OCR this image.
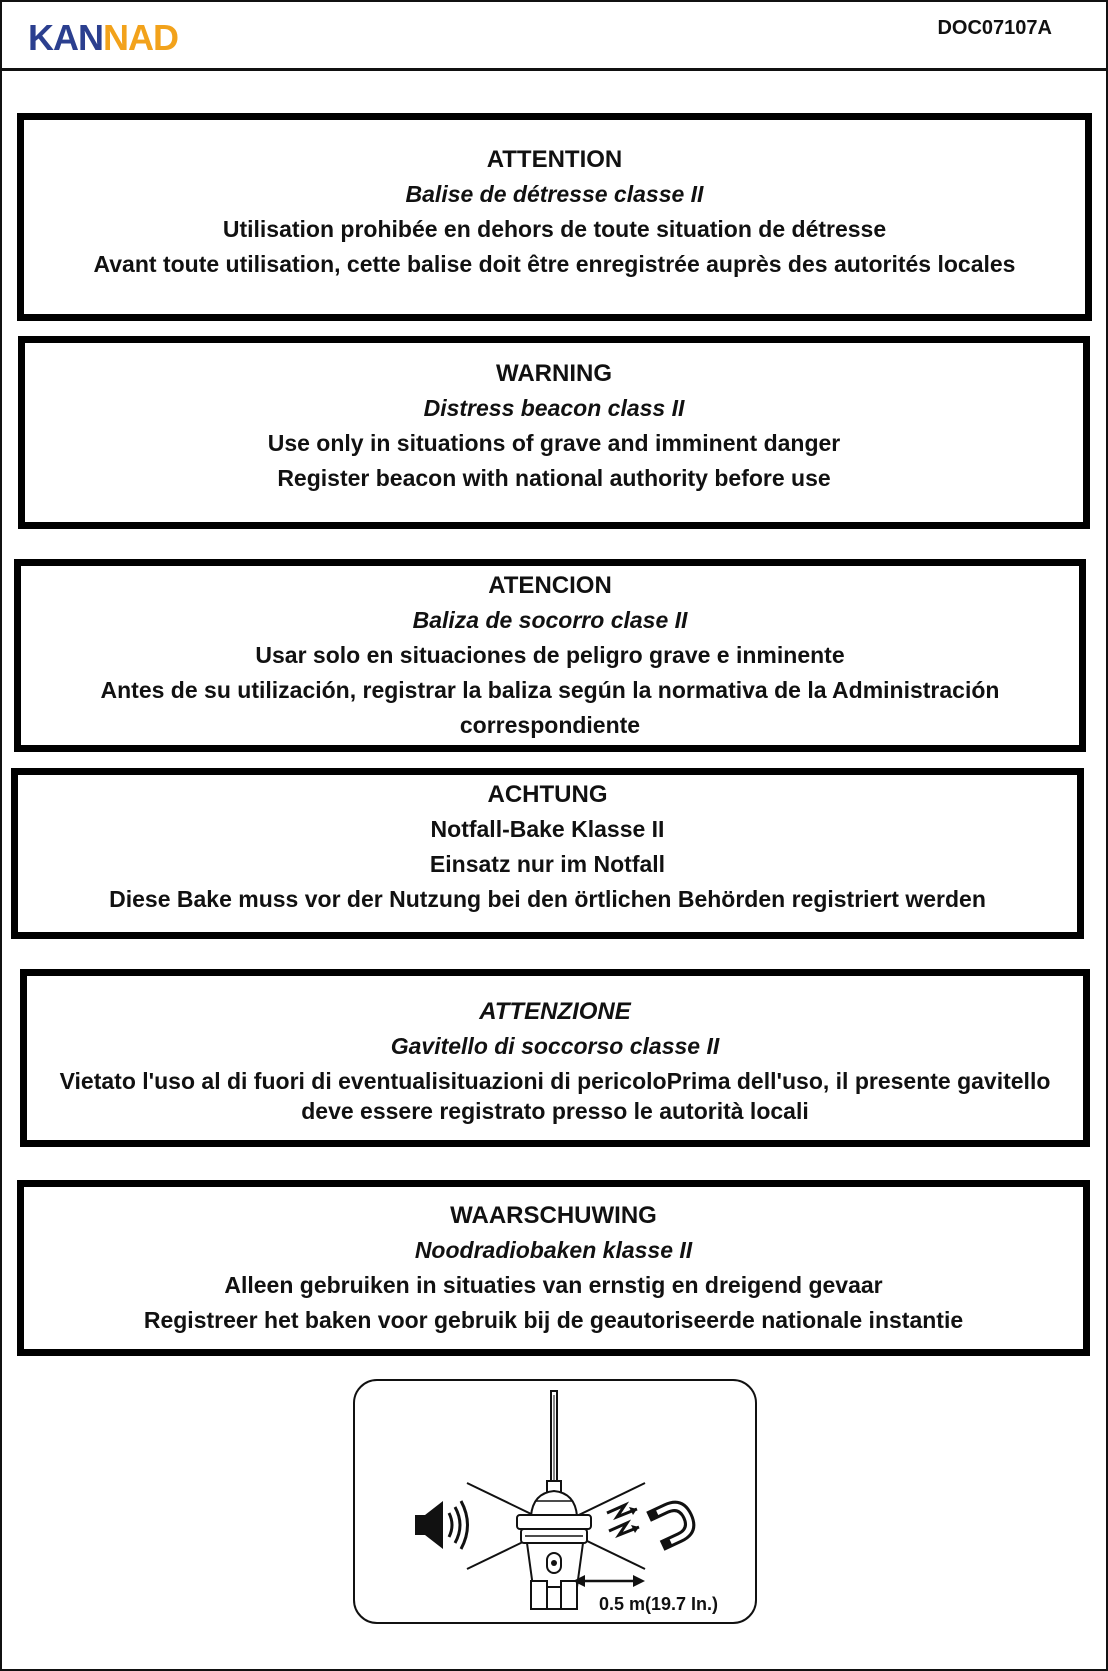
KANNAD	DOC07107A

ATTENTION

Balise de détresse classe II

Utilisation prohibée en dehors de toute situation de détresse

Avant toute utilisation, cette balise doit être enregistrée auprès des autorités locales

WARNING

Distress beacon class II

Use only in situations of grave and imminent danger

Register beacon with national authority before use

ATENCION

Baliza de socorro clase II

Usar solo en situaciones de peligro grave e inminente

Antes de su utilización, registrar la baliza según la normativa de la Administración correspondiente

ACHTUNG

Notfall-Bake Klasse II

Einsatz nur im Notfall

Diese Bake muss vor der Nutzung bei den örtlichen Behörden registriert werden

ATTENZIONE

Gavitello di soccorso classe II

Vietato l'uso al di fuori di eventualisituazioni di pericoloPrima dell'uso, il presente gavitello deve essere registrato presso le autorità locali

WAARSCHUWING

Noodradiobaken klasse II

Alleen gebruiken in situaties van ernstig en dreigend gevaar

Registreer het baken voor gebruik bij de geautoriseerde nationale instantie

0.5 m(19.7 In.)
